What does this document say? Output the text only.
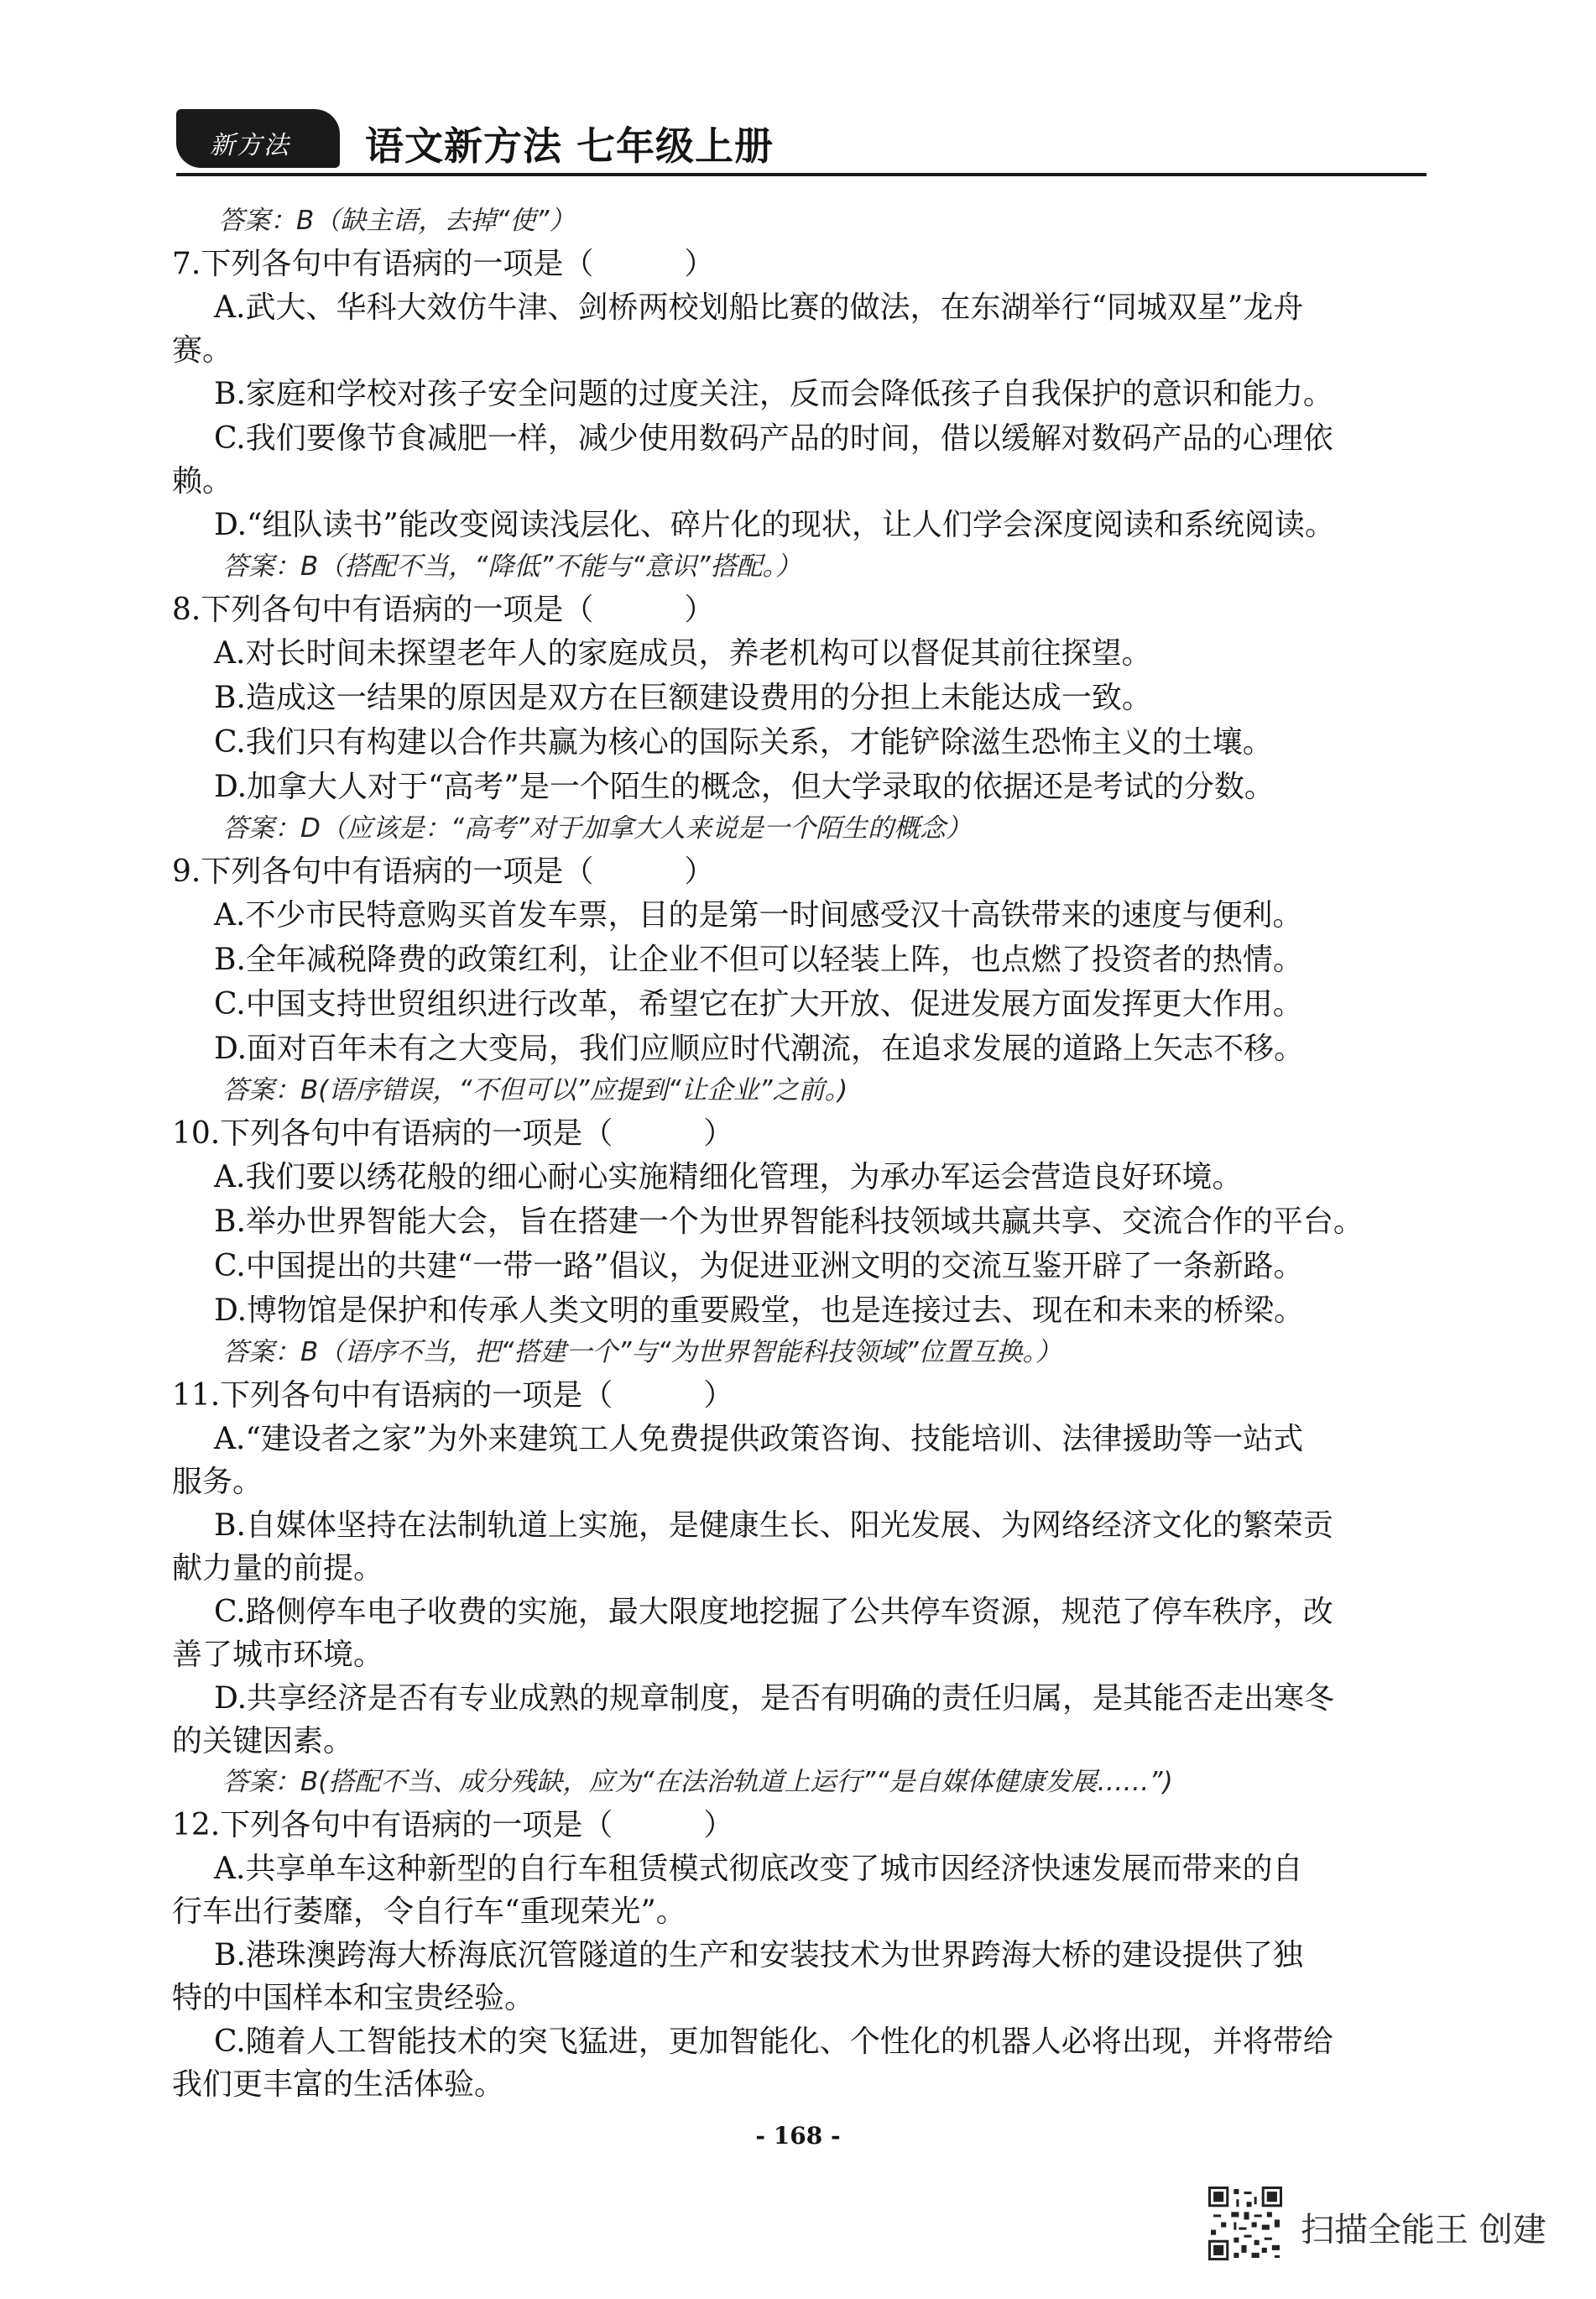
新方法 语文新方法 七年级上册
答案：B（缺主语，去掉“使”）
7.下列各句中有语病的一项是（　　　）
A.武大、华科大效仿牛津、剑桥两校划船比赛的做法，在东湖举行“同城双星”龙舟
赛。
B.家庭和学校对孩子安全问题的过度关注，反而会降低孩子自我保护的意识和能力。
C.我们要像节食减肥一样，减少使用数码产品的时间，借以缓解对数码产品的心理依
赖。
D.“组队读书”能改变阅读浅层化、碎片化的现状，让人们学会深度阅读和系统阅读。
答案：B（搭配不当，“降低”不能与“意识”搭配。）
8.下列各句中有语病的一项是（　　　）
A.对长时间未探望老年人的家庭成员，养老机构可以督促其前往探望。
B.造成这一结果的原因是双方在巨额建设费用的分担上未能达成一致。
C.我们只有构建以合作共赢为核心的国际关系，才能铲除滋生恐怖主义的土壤。
D.加拿大人对于“高考”是一个陌生的概念，但大学录取的依据还是考试的分数。
答案：D（应该是：“高考”对于加拿大人来说是一个陌生的概念）
9.下列各句中有语病的一项是（　　　）
A.不少市民特意购买首发车票，目的是第一时间感受汉十高铁带来的速度与便利。
B.全年减税降费的政策红利，让企业不但可以轻装上阵，也点燃了投资者的热情。
C.中国支持世贸组织进行改革，希望它在扩大开放、促进发展方面发挥更大作用。
D.面对百年未有之大变局，我们应顺应时代潮流，在追求发展的道路上矢志不移。
答案：B(语序错误，“不但可以”应提到“让企业”之前。)
10.下列各句中有语病的一项是（　　　）
A.我们要以绣花般的细心耐心实施精细化管理，为承办军运会营造良好环境。
B.举办世界智能大会，旨在搭建一个为世界智能科技领域共赢共享、交流合作的平台。
C.中国提出的共建“一带一路”倡议，为促进亚洲文明的交流互鉴开辟了一条新路。
D.博物馆是保护和传承人类文明的重要殿堂，也是连接过去、现在和未来的桥梁。
答案：B（语序不当，把“搭建一个”与“为世界智能科技领域”位置互换。）
11.下列各句中有语病的一项是（　　　）
A.“建设者之家”为外来建筑工人免费提供政策咨询、技能培训、法律援助等一站式
服务。
B.自媒体坚持在法制轨道上实施，是健康生长、阳光发展、为网络经济文化的繁荣贡
献力量的前提。
C.路侧停车电子收费的实施，最大限度地挖掘了公共停车资源，规范了停车秩序，改
善了城市环境。
D.共享经济是否有专业成熟的规章制度，是否有明确的责任归属，是其能否走出寒冬
的关键因素。
答案：B(搭配不当、成分残缺，应为“在法治轨道上运行”“是自媒体健康发展……”)
12.下列各句中有语病的一项是（　　　）
A.共享单车这种新型的自行车租赁模式彻底改变了城市因经济快速发展而带来的自
行车出行萎靡，令自行车“重现荣光”。
B.港珠澳跨海大桥海底沉管隧道的生产和安装技术为世界跨海大桥的建设提供了独
特的中国样本和宝贵经验。
C.随着人工智能技术的突飞猛进，更加智能化、个性化的机器人必将出现，并将带给
我们更丰富的生活体验。
- 168 -
扫描全能王 创建
